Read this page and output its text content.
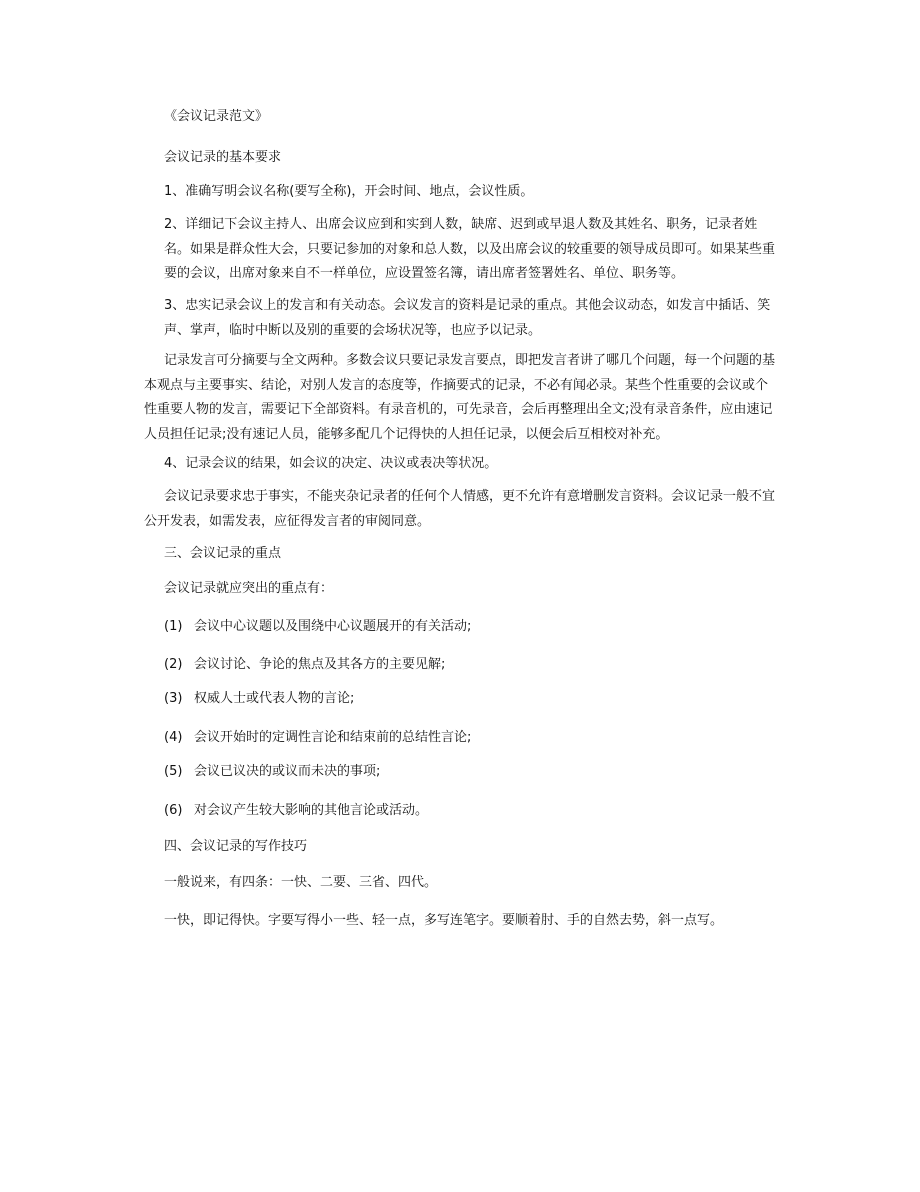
《会议记录范文》

会议记录的基本要求

1、准确写明会议名称(要写全称)，开会时间、地点，会议性质。

2、详细记下会议主持人、出席会议应到和实到人数，缺席、迟到或早退人数及其姓名、职务，记录者姓名。如果是群众性大会，只要记参加的对象和总人数，以及出席会议的较重要的领导成员即可。如果某些重要的会议，出席对象来自不一样单位，应设置签名簿，请出席者签署姓名、单位、职务等。

3、忠实记录会议上的发言和有关动态。会议发言的资料是记录的重点。其他会议动态，如发言中插话、笑声、掌声，临时中断以及别的重要的会场状况等，也应予以记录。

记录发言可分摘要与全文两种。多数会议只要记录发言要点，即把发言者讲了哪几个问题，每一个问题的基本观点与主要事实、结论，对别人发言的态度等，作摘要式的记录，不必有闻必录。某些个性重要的会议或个性重要人物的发言，需要记下全部资料。有录音机的，可先录音，会后再整理出全文;没有录音条件，应由速记人员担任记录;没有速记人员，能够多配几个记得快的人担任记录，以便会后互相校对补充。

4、记录会议的结果，如会议的决定、决议或表决等状况。

会议记录要求忠于事实，不能夹杂记录者的任何个人情感，更不允许有意增删发言资料。会议记录一般不宜公开发表，如需发表，应征得发言者的审阅同意。

三、会议记录的重点

会议记录就应突出的重点有：

(1) 会议中心议题以及围绕中心议题展开的有关活动;

(2) 会议讨论、争论的焦点及其各方的主要见解;

(3) 权威人士或代表人物的言论;

(4) 会议开始时的定调性言论和结束前的总结性言论;

(5) 会议已议决的或议而未决的事项;

(6) 对会议产生较大影响的其他言论或活动。

四、会议记录的写作技巧

一般说来，有四条：一快、二要、三省、四代。

一快，即记得快。字要写得小一些、轻一点，多写连笔字。要顺着肘、手的自然去势，斜一点写。
